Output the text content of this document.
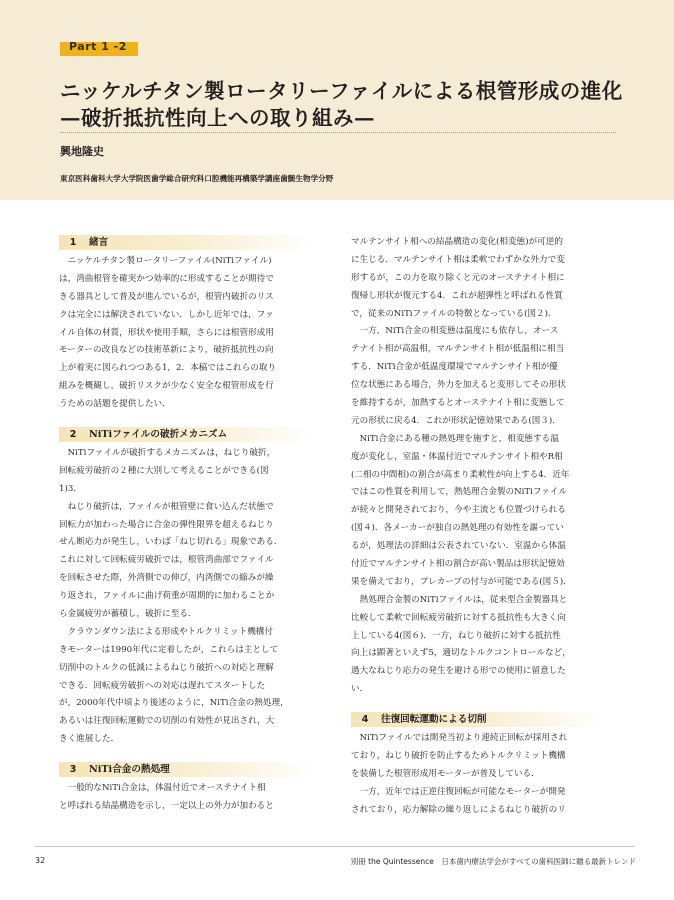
Part 1 -2
ニッケルチタン製ロータリーファイルによる根管形成の進化
—破折抵抗性向上への取り組み—
興地隆史
東京医科歯科大学大学院医歯学総合研究科口腔機能再構築学講座歯髄生物学分野
1	緒言
　ニッケルチタン製ロータリーファイル(NiTiファイル)
は，湾曲根管を確実かつ効率的に形成することが期待で
きる器具として普及が進んでいるが，根管内破折のリス
クは完全には解決されていない．しかし近年では，ファ
イル自体の材質，形状や使用手順，さらには根管形成用
モーターの改良などの技術革新により，破折抵抗性の向
上が着実に図られつつある1，2．本稿ではこれらの取り
組みを概観し，破折リスクが少なく安全な根管形成を行
うための話題を提供したい．
2	NiTiファイルの破折メカニズム
　NiTiファイルが破折するメカニズムは，ねじり破折，
回転疲労破折の２種に大別して考えることができる(図
1)3．
　ねじり破折は，ファイルが根管壁に食い込んだ状態で
回転力が加わった場合に合金の弾性限界を超えるねじり
せん断応力が発生し，いわば「ねじ切れる」現象である．
これに対して回転疲労破折では，根管湾曲部でファイル
を回転させた際，外湾側での伸び，内湾側での縮みが繰
り返され，ファイルに曲げ荷重が周期的に加わることか
ら金属疲労が蓄積し，破折に至る．
　クラウンダウン法による形成やトルクリミット機構付
きモーターは1990年代に定着したが，これらは主として
切削中のトルクの低減によるねじり破折への対応と理解
できる．回転疲労破折への対応は遅れてスタートした
が，2000年代中頃より後述のように，NiTi合金の熱処理，
あるいは往復回転運動での切削の有効性が見出され，大
きく進展した．
3	NiTi合金の熱処理
　一般的なNiTi合金は，体温付近でオーステナイト相
と呼ばれる結晶構造を示し，一定以上の外力が加わると
マルテンサイト相への結晶構造の変化(相変態)が可逆的
に生じる．マルテンサイト相は柔軟でわずかな外力で変
形するが，この力を取り除くと元のオーステナイト相に
復帰し形状が復元する4．これが超弾性と呼ばれる性質
で，従来のNiTiファイルの特徴となっている(図２)．
　一方，NiTi合金の相変態は温度にも依存し，オース
テナイト相が高温相，マルテンサイト相が低温相に相当
する．NiTi合金が低温度環境でマルテンサイト相が優
位な状態にある場合，外力を加えると変形してその形状
を維持するが，加熱するとオーステナイト相に変態して
元の形状に戻る4．これが形状記憶効果である(図３)．
　NiTi合金にある種の熱処理を施すと，相変態する温
度が変化し，室温・体温付近でマルテンサイト相やR相
(二相の中間相)の割合が高まり柔軟性が向上する4．近年
ではこの性質を利用して，熱処理合金製のNiTiファイル
が続々と開発されており，今や主流とも位置づけられる
(図４)．各メーカーが独自の熱処理の有効性を謳ってい
るが，処理法の詳細は公表されていない．室温から体温
付近でマルテンサイト相の割合が高い製品は形状記憶効
果を備えており，プレカーブの付与が可能である(図５)．
　熱処理合金製のNiTiファイルは，従来型合金製器具と
比較して柔軟で回転疲労破折に対する抵抗性も大きく向
上している4(図６)．一方，ねじり破折に対する抵抗性
向上は顕著といえず5，適切なトルクコントロールなど，
過大なねじり応力の発生を避ける形での使用に留意した
い．
4	往復回転運動による切削
　NiTiファイルでは開発当初より連続正回転が採用され
ており，ねじり破折を防止するためトルクリミット機構
を装備した根管形成用モーターが普及している．
　一方，近年では正逆往復回転が可能なモーターが開発
されており，応力解除の繰り返しによるねじり破折のリ
32	別冊 the Quintessence　日本歯内療法学会がすべての歯科医師に贈る最新トレンド
